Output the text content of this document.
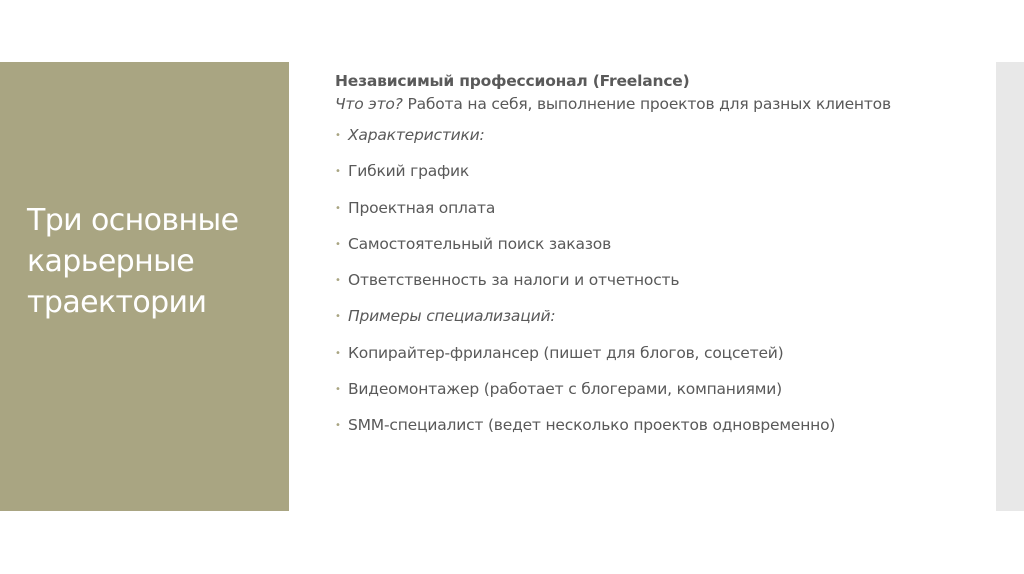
Три основные карьерные траектории
Независимый профессионал (Freelance)
Что это? Работа на себя, выполнение проектов для разных клиентов
• Характеристики:
• Гибкий график
• Проектная оплата
• Самостоятельный поиск заказов
• Ответственность за налоги и отчетность
• Примеры специализаций:
• Копирайтер-фрилансер (пишет для блогов, соцсетей)
• Видеомонтажер (работает с блогерами, компаниями)
• SMM-специалист (ведет несколько проектов одновременно)
